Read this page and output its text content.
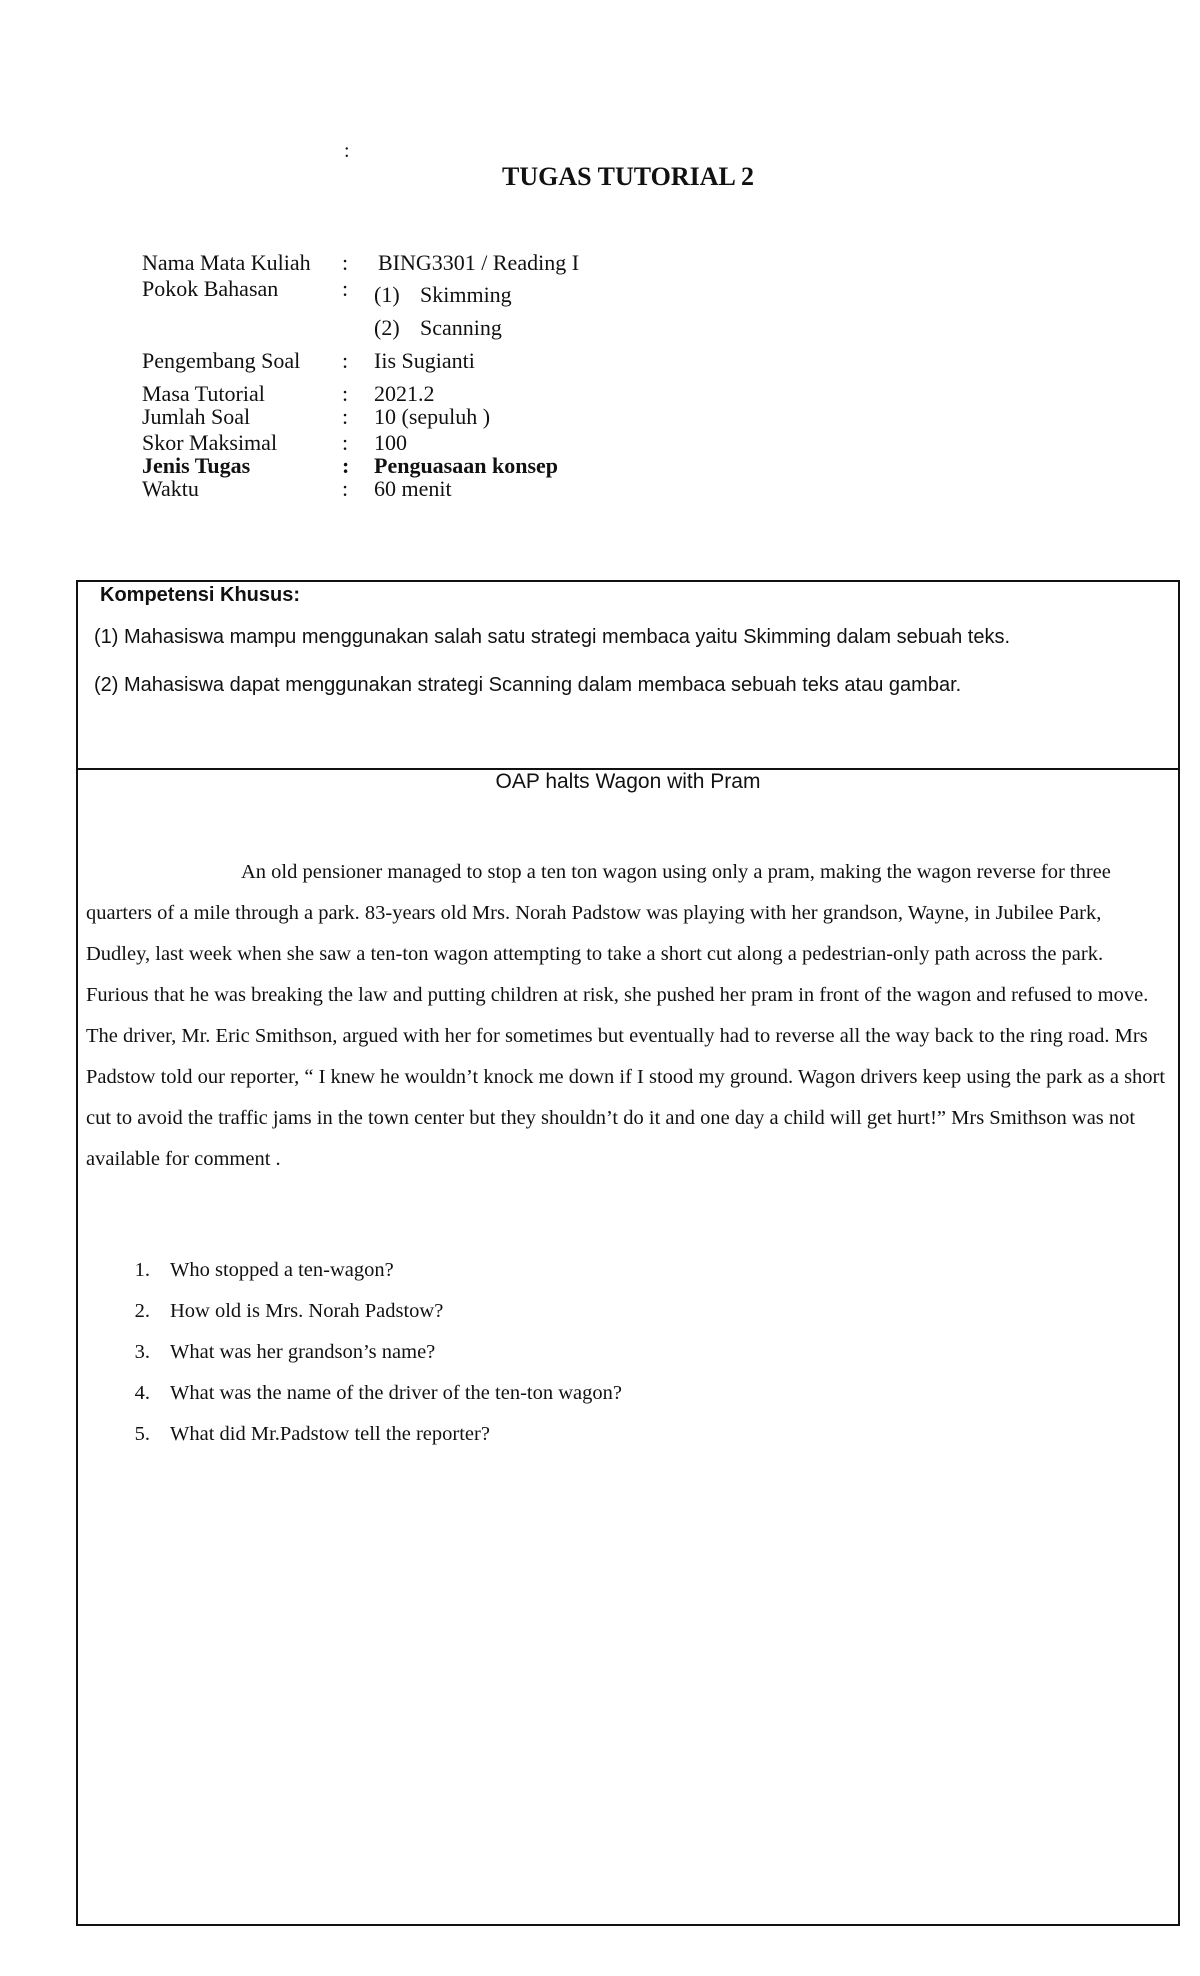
:
TUGAS TUTORIAL 2
Nama Mata Kuliah : BING3301 / Reading I
Pokok Bahasan	: (1) Skimming
(2) Scanning
Pengembang Soal : Iis Sugianti
Masa Tutorial	: 2021.2
Jumlah Soal	: 10 (sepuluh )
Skor Maksimal	: 100
Jenis Tugas	: Penguasaan konsep
Waktu	: 60 menit
Kompetensi Khusus:
(1) Mahasiswa mampu menggunakan salah satu strategi membaca yaitu Skimming dalam sebuah teks.
(2) Mahasiswa dapat menggunakan strategi Scanning dalam membaca sebuah teks atau gambar.
OAP halts Wagon with Pram

An old pensioner managed to stop a ten ton wagon using only a pram, making the wagon reverse for three quarters of a mile through a park. 83-years old Mrs. Norah Padstow was playing with her grandson, Wayne, in Jubilee Park, Dudley, last week when she saw a ten-ton wagon attempting to take a short cut along a pedestrian-only path across the park. Furious that he was breaking the law and putting children at risk, she pushed her pram in front of the wagon and refused to move. The driver, Mr. Eric Smithson, argued with her for sometimes but eventually had to reverse all the way back to the ring road. Mrs Padstow told our reporter, “ I knew he wouldn’t knock me down if I stood my ground. Wagon drivers keep using the park as a short cut to avoid the traffic jams in the town center but they shouldn’t do it and one day a child will get hurt!” Mrs Smithson was not available for comment .

1. Who stopped a ten-wagon?
2. How old is Mrs. Norah Padstow?
3. What was her grandson’s name?
4. What was the name of the driver of the ten-ton wagon?
5. What did Mr.Padstow tell the reporter?
